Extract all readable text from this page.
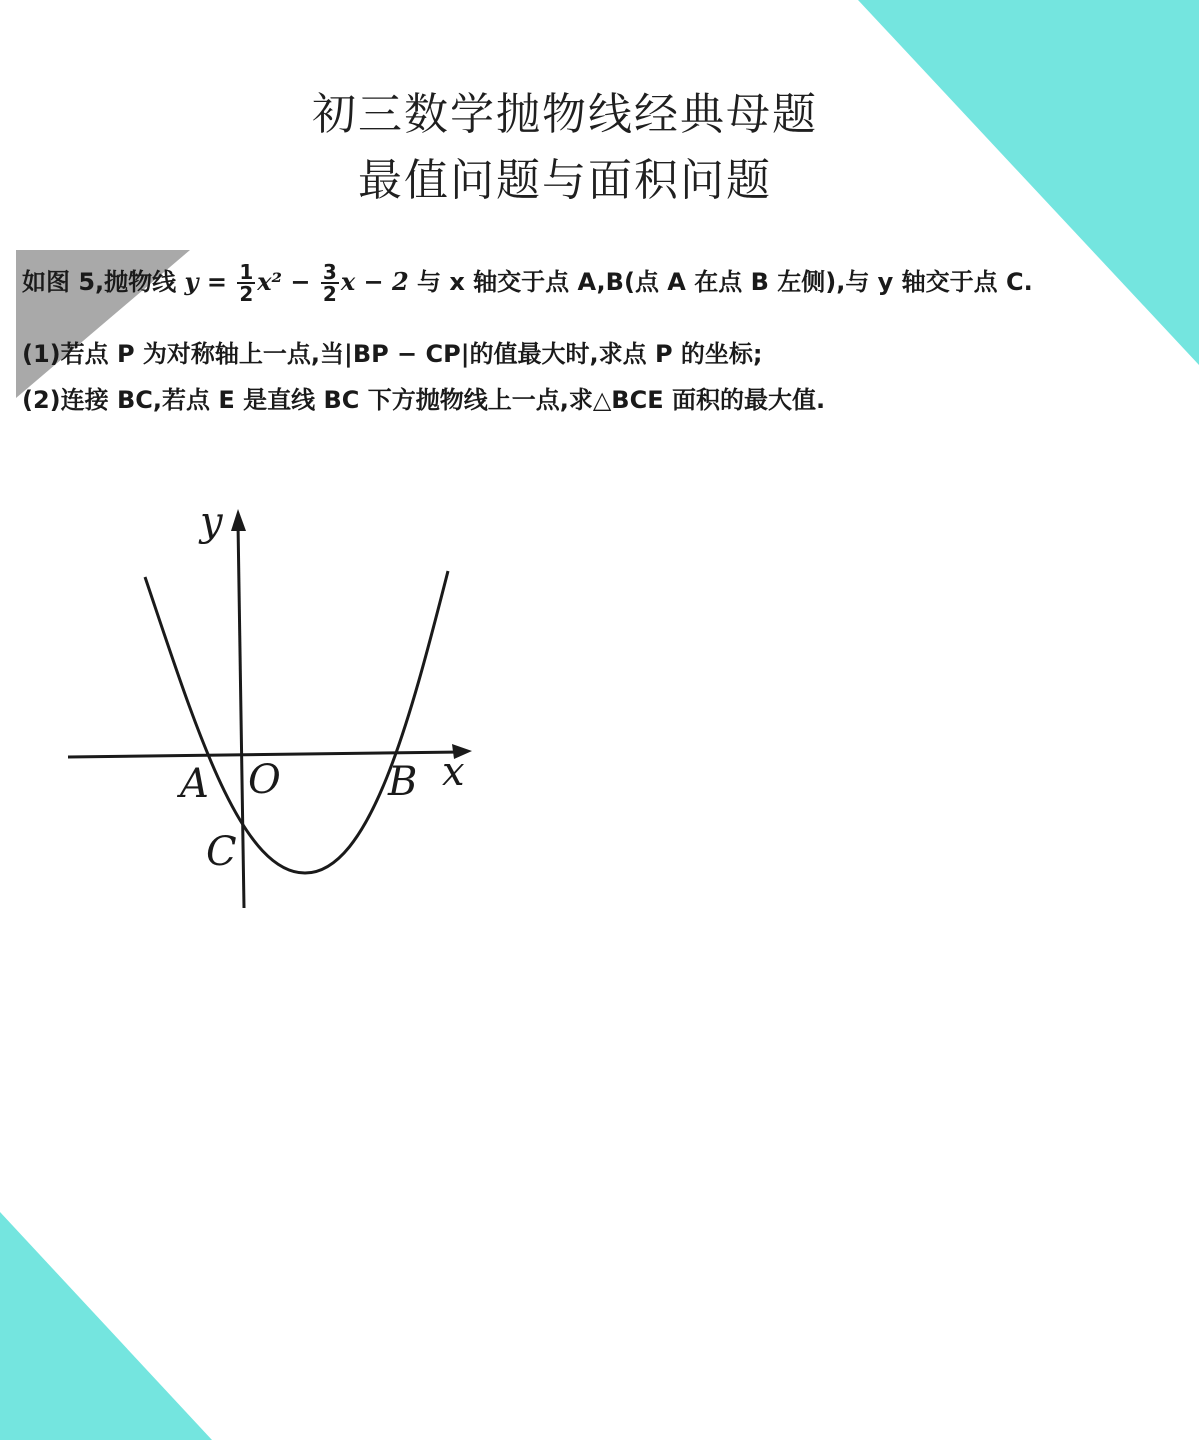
初三数学抛物线经典母题
最值问题与面积问题
如图 5,抛物线 $y = \frac{1}{2} x^2 - \frac{3}{2}$ x − 2 与 x 轴交于点 A,B(点 A 在点 B 左侧),与 y 轴交于点 C.
(1)若点 P 为对称轴上一点,当|BP − CP|的值最大时,求点 P 的坐标;
(2)连接 BC,若点 E 是直线 BC 下方抛物线上一点,求△BCE 面积的最大值.
y
x
A O	B
C
